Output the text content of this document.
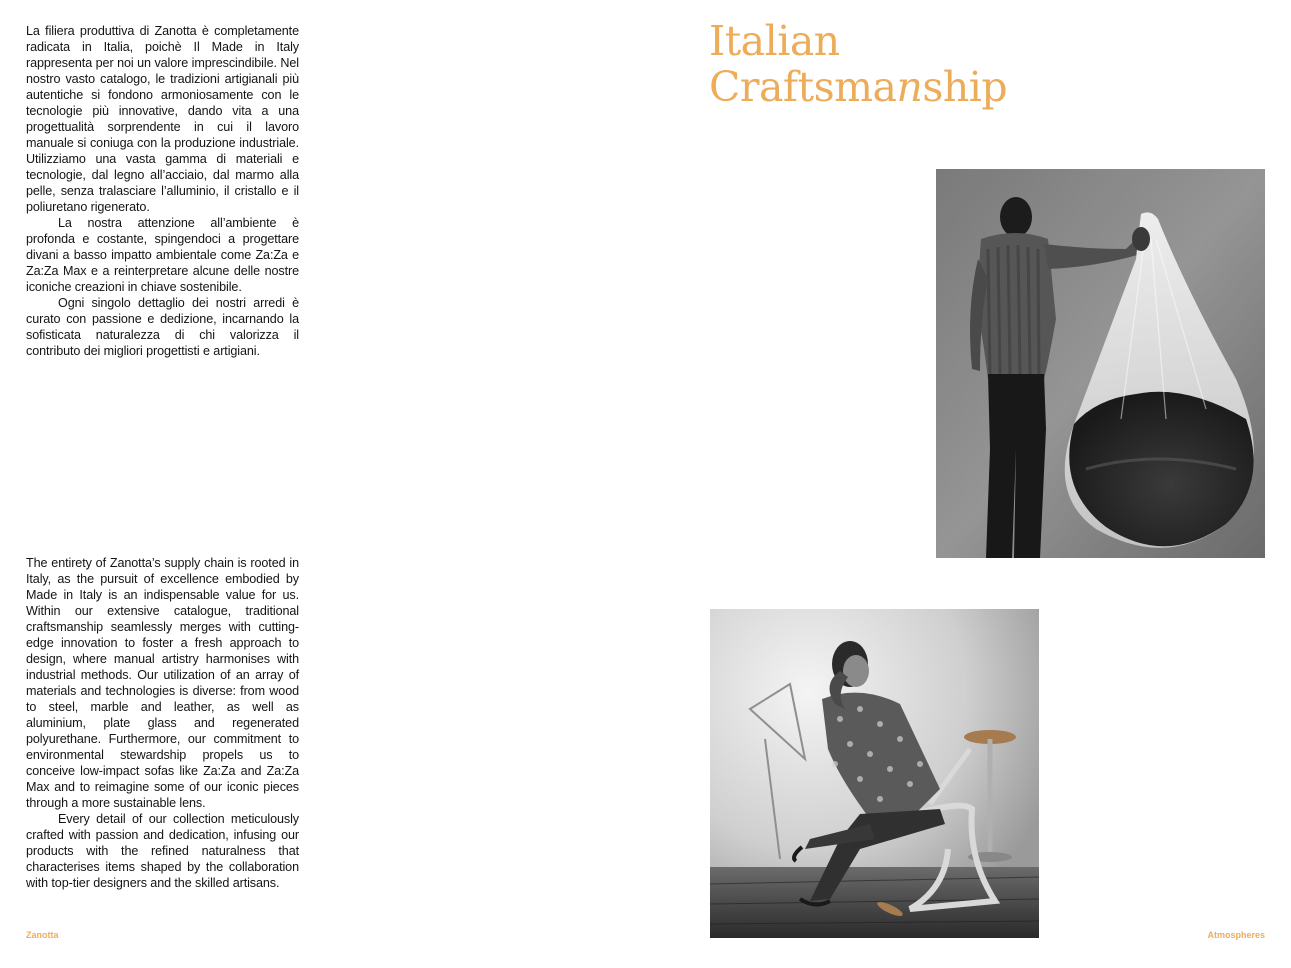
La filiera produttiva di Zanotta è completamente radicata in Italia, poichè Il Made in Italy rappresenta per noi un valore imprescindibile. Nel nostro vasto catalogo, le tradizioni artigianali più autentiche si fondono armoniosamente con le tecnologie più innovative, dando vita a una progettualità sorprendente in cui il lavoro manuale si coniuga con la produzione industriale. Utilizziamo una vasta gamma di materiali e tecnologie, dal legno all’acciaio, dal marmo alla pelle, senza tralasciare l’alluminio, il cristallo e il poliuretano rigenerato.

La nostra attenzione all’ambiente è profonda e costante, spingendoci a progettare divani a basso impatto ambientale come Za:Za e Za:Za Max e a reinterpretare alcune delle nostre iconiche creazioni in chiave sostenibile.

Ogni singolo dettaglio dei nostri arredi è curato con passione e dedizione, incarnando la sofisticata naturalezza di chi valorizza il contributo dei migliori progettisti e artigiani.

The entirety of Zanotta’s supply chain is rooted in Italy, as the pursuit of excellence embodied by Made in Italy is an indispensable value for us. Within our extensive catalogue, traditional craftsmanship seamlessly merges with cutting-edge innovation to foster a fresh approach to design, where manual artistry harmonises with industrial methods. Our utilization of an array of materials and technologies is diverse: from wood to steel, marble and leather, as well as aluminium, plate glass and regenerated polyurethane. Furthermore, our commitment to environmental stewardship propels us to conceive low-impact sofas like Za:Za and Za:Za Max and to reimagine some of our iconic pieces through a more sustainable lens.

Every detail of our collection meticulously crafted with passion and dedication, infusing our products with the refined naturalness that characterises items shaped by the collaboration with top-tier designers and the skilled artisans.

Italian
Craftsmanship
Zanotta	Atmospheres
